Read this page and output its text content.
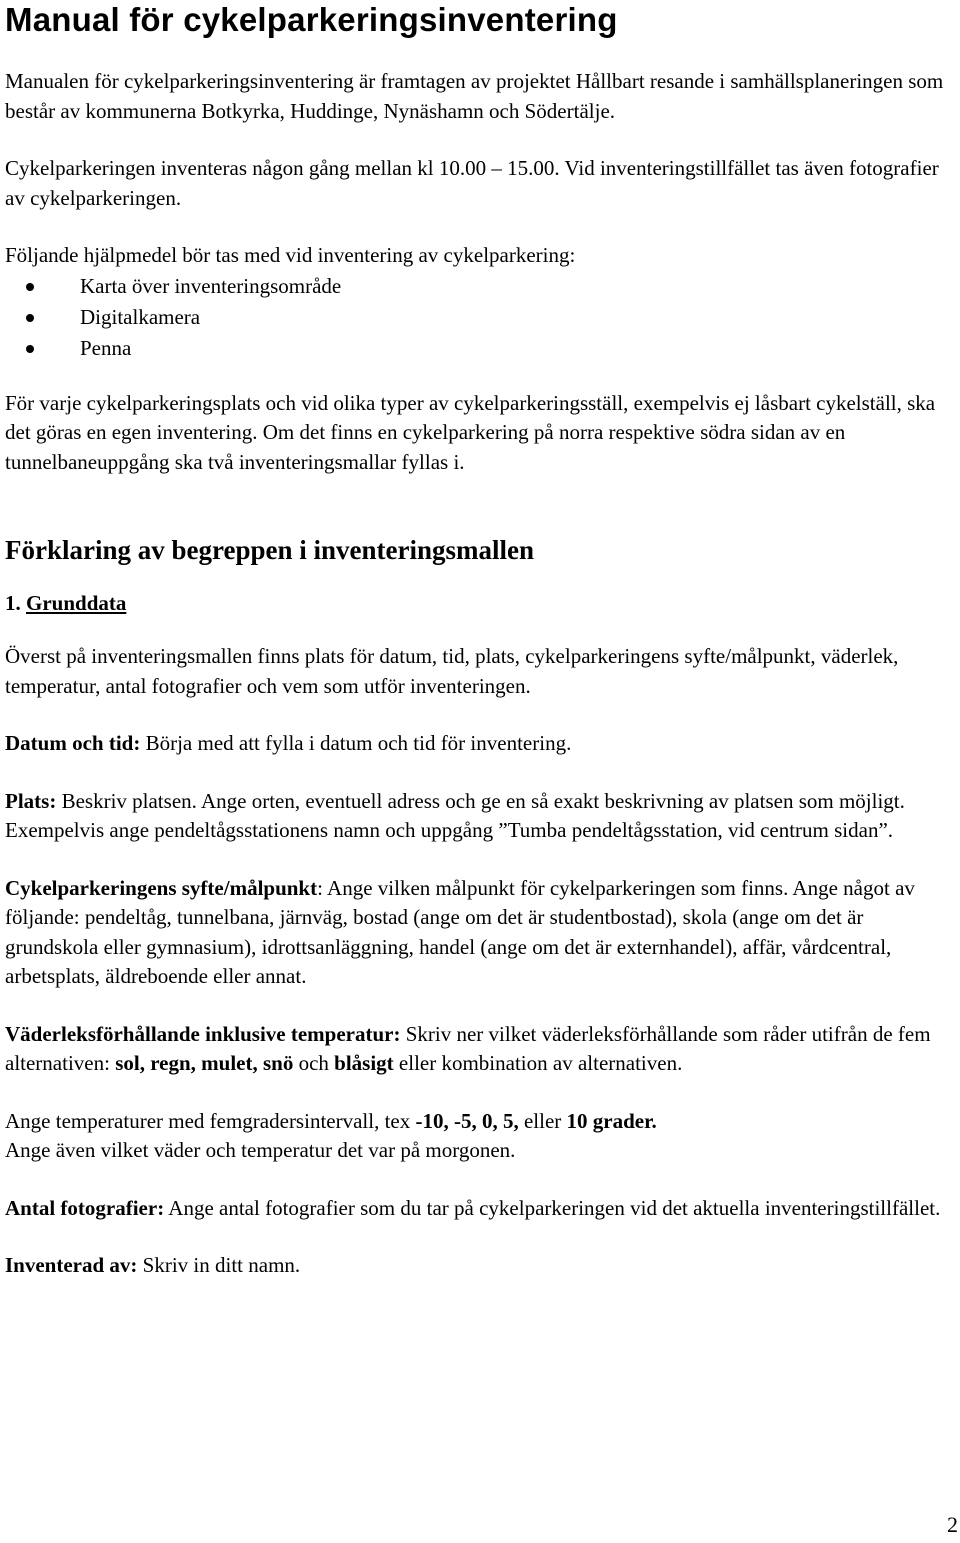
Manual för cykelparkeringsinventering

Manualen för cykelparkeringsinventering är framtagen av projektet Hållbart resande i samhällsplaneringen som består av kommunerna Botkyrka, Huddinge, Nynäshamn och Södertälje.

Cykelparkeringen inventeras någon gång mellan kl 10.00 – 15.00. Vid inventeringstillfället tas även fotografier av cykelparkeringen.

Följande hjälpmedel bör tas med vid inventering av cykelparkering:

Karta över inventeringsområde
Digitalkamera
Penna

För varje cykelparkeringsplats och vid olika typer av cykelparkeringsställ, exempelvis ej låsbart cykelställ, ska det göras en egen inventering. Om det finns en cykelparkering på norra respektive södra sidan av en tunnelbaneuppgång ska två inventeringsmallar fyllas i.

Förklaring av begreppen i inventeringsmallen
1. Grunddata

Överst på inventeringsmallen finns plats för datum, tid, plats, cykelparkeringens syfte/målpunkt, väderlek, temperatur, antal fotografier och vem som utför inventeringen.

Datum och tid: Börja med att fylla i datum och tid för inventering.

Plats: Beskriv platsen. Ange orten, eventuell adress och ge en så exakt beskrivning av platsen som möjligt. Exempelvis ange pendeltågsstationens namn och uppgång ”Tumba pendeltågsstation, vid centrum sidan”.

Cykelparkeringens syfte/målpunkt: Ange vilken målpunkt för cykelparkeringen som finns. Ange något av följande: pendeltåg, tunnelbana, järnväg, bostad (ange om det är studentbostad), skola (ange om det är grundskola eller gymnasium), idrottsanläggning, handel (ange om det är externhandel), affär, vårdcentral, arbetsplats, äldreboende eller annat.

Väderleksförhållande inklusive temperatur: Skriv ner vilket väderleksförhållande som råder utifrån de fem alternativen: sol, regn, mulet, snö och blåsigt eller kombination av alternativen.

Ange temperaturer med femgradersintervall, tex -10, -5, 0, 5, eller 10 grader.
Ange även vilket väder och temperatur det var på morgonen.

Antal fotografier: Ange antal fotografier som du tar på cykelparkeringen vid det aktuella inventeringstillfället.

Inventerad av: Skriv in ditt namn.

2
